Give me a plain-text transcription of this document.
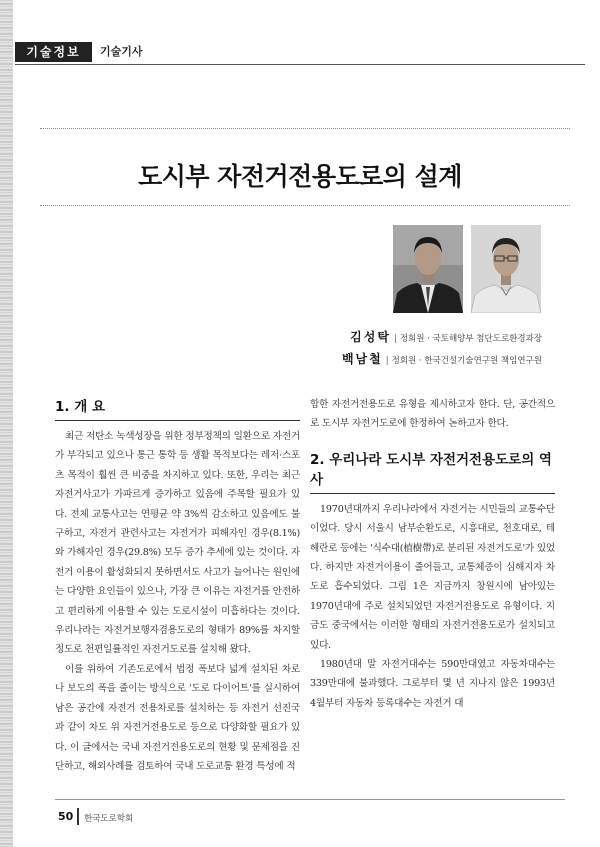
기술정보	기술기사
도시부 자전거전용도로의 설계
김성탁 | 정회원 · 국토해양부 첨단도로환경과장
백남철 | 정회원 · 한국건설기술연구원 책임연구원
1. 개 요

최근 저탄소 녹색성장을 위한 정부정책의 일환으로 자전거가 부각되고 있으나 통근 통학 등 생활 목적보다는 레저·스포츠 목적이 훨씬 큰 비중을 차지하고 있다. 또한, 우리는 최근 자전거사고가 가파르게 증가하고 있음에 주목할 필요가 있다. 전체 교통사고는 연평균 약 3%씩 감소하고 있음에도 불구하고, 자전거 관련사고는 자전거가 피해자인 경우(8.1%)와 가해자인 경우(29.8%) 모두 증가 추세에 있는 것이다. 자전거 이용이 활성화되지 못하면서도 사고가 늘어나는 원인에는 다양한 요인들이 있으나, 가장 큰 이유는 자전거를 안전하고 편리하게 이용할 수 있는 도로시설이 미흡하다는 것이다. 우리나라는 자전거보행자겸용도로의 형태가 89%를 차지할 정도로 천편일률적인 자전거도로를 설치해 왔다.

이를 위하여 기존도로에서 법정 폭보다 넓게 설치된 차로나 보도의 폭을 줄이는 방식으로 '도로 다이어트'를 실시하여 남은 공간에 자전거 전용차로를 설치하는 등 자전거 선진국과 같이 차도 위 자전거전용도로 등으로 다양화할 필요가 있다. 이 글에서는 국내 자전거전용도로의 현황 및 문제점을 진단하고, 해외사례를 검토하여 국내 도로교통 환경 특성에 적

합한 자전거전용도로 유형을 제시하고자 한다. 단, 공간적으로 도시부 자전거도로에 한정하여 논하고자 한다.

2. 우리나라 도시부 자전거전용도로의 역사

1970년대까지 우리나라에서 자전거는 시민들의 교통수단이었다. 당시 서울시 남부순환도로, 시흥대로, 천호대로, 테헤란로 등에는 '식수대(植樹帶)로 분리된 자전거도로'가 있었다. 하지만 자전거이용이 줄어들고, 교통체증이 심해지자 차도로 흡수되었다. 그림 1은 지금까지 창원시에 남아있는 1970년대에 주로 설치되었던 자전거전용도로 유형이다. 지금도 중국에서는 이러한 형태의 자전거전용도로가 설치되고 있다.

1980년대 말 자전거대수는 590만대였고 자동차대수는 339만대에 불과했다. 그로부터 몇 년 지나지 않은 1993년 4월부터 자동차 등록대수는 자전거 대

50 한국도로학회
